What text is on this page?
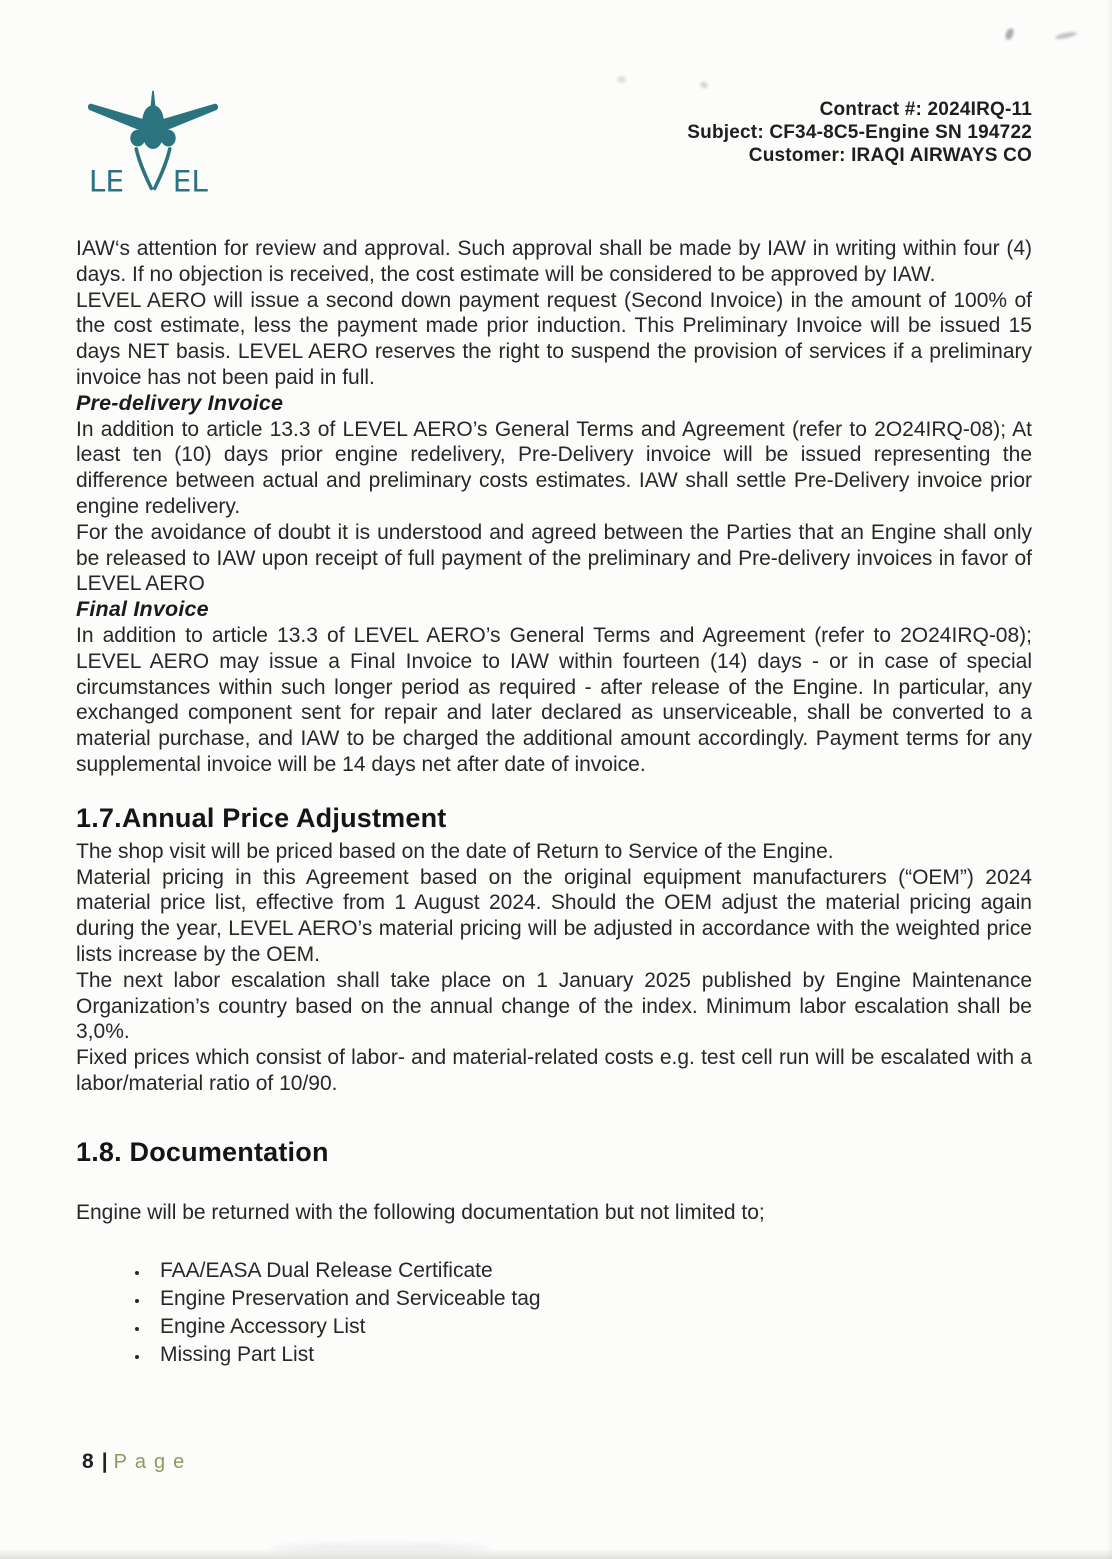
LE EL
Contract #: 2024IRQ-11
Subject: CF34-8C5-Engine SN 194722
Customer: IRAQI AIRWAYS CO

IAW‘s attention for review and approval. Such approval shall be made by IAW in writing within four (4) days. If no objection is received, the cost estimate will be considered to be approved by IAW.

LEVEL AERO will issue a second down payment request (Second Invoice) in the amount of 100% of the cost estimate, less the payment made prior induction. This Preliminary Invoice will be issued 15 days NET basis. LEVEL AERO reserves the right to suspend the provision of services if a preliminary invoice has not been paid in full.

Pre-delivery Invoice

In addition to article 13.3 of LEVEL AERO’s General Terms and Agreement (refer to 2O24IRQ-08); At least ten (10) days prior engine redelivery, Pre-Delivery invoice will be issued representing the difference between actual and preliminary costs estimates. IAW shall settle Pre-Delivery invoice prior engine redelivery.

For the avoidance of doubt it is understood and agreed between the Parties that an Engine shall only be released to IAW upon receipt of full payment of the preliminary and Pre-delivery invoices in favor of LEVEL AERO

Final Invoice

In addition to article 13.3 of LEVEL AERO’s General Terms and Agreement (refer to 2O24IRQ-08); LEVEL AERO may issue a Final Invoice to IAW within fourteen (14) days - or in case of special circumstances within such longer period as required - after release of the Engine. In particular, any exchanged component sent for repair and later declared as unserviceable, shall be converted to a material purchase, and IAW to be charged the additional amount accordingly. Payment terms for any supplemental invoice will be 14 days net after date of invoice.

1.7.Annual Price Adjustment

The shop visit will be priced based on the date of Return to Service of the Engine.

Material pricing in this Agreement based on the original equipment manufacturers (“OEM”) 2024 material price list, effective from 1 August 2024. Should the OEM adjust the material pricing again during the year, LEVEL AERO’s material pricing will be adjusted in accordance with the weighted price lists increase by the OEM.

The next labor escalation shall take place on 1 January 2025 published by Engine Maintenance Organization’s country based on the annual change of the index. Minimum labor escalation shall be 3,0%.

Fixed prices which consist of labor- and material-related costs e.g. test cell run will be escalated with a labor/material ratio of 10/90.

1.8. Documentation

Engine will be returned with the following documentation but not limited to;

• FAA/EASA Dual Release Certificate
• Engine Preservation and Serviceable tag
• Engine Accessory List
• Missing Part List
8 | Page
